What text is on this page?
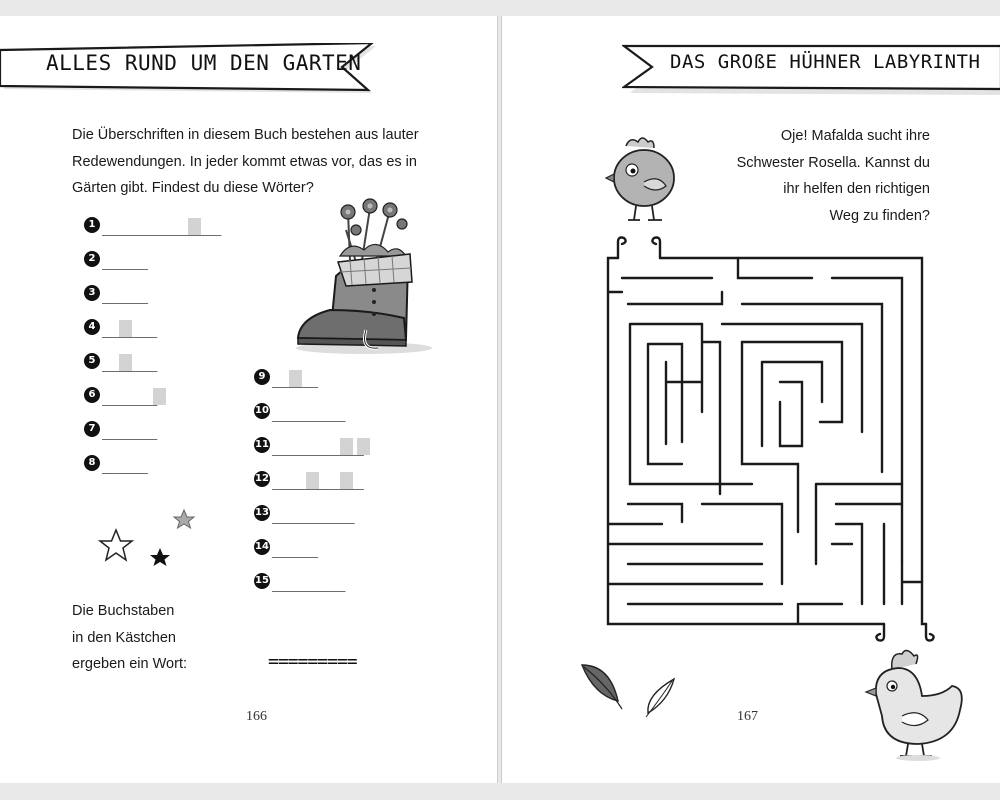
ALLES RUND UM DEN GARTEN
Die Überschriften in diesem Buch bestehen aus lauter
Redewendungen. In jeder kommt etwas vor, das es in
Gärten gibt. Findest du diese Wörter?
1 _____________
2 _____
3 _____
4 ______
5 ______
6 ______
7 ______
8 _____
9 _____
10 ________
11 __________
12 __________
13 _________
14 _____
15 ________
Die Buchstaben
in den Kästchen
ergeben ein Wort:	=========
166
DAS GROßE HÜHNER LABYRINTH
Oje! Mafalda sucht ihre
Schwester Rosella. Kannst du
ihr helfen den richtigen
Weg zu finden?
167
